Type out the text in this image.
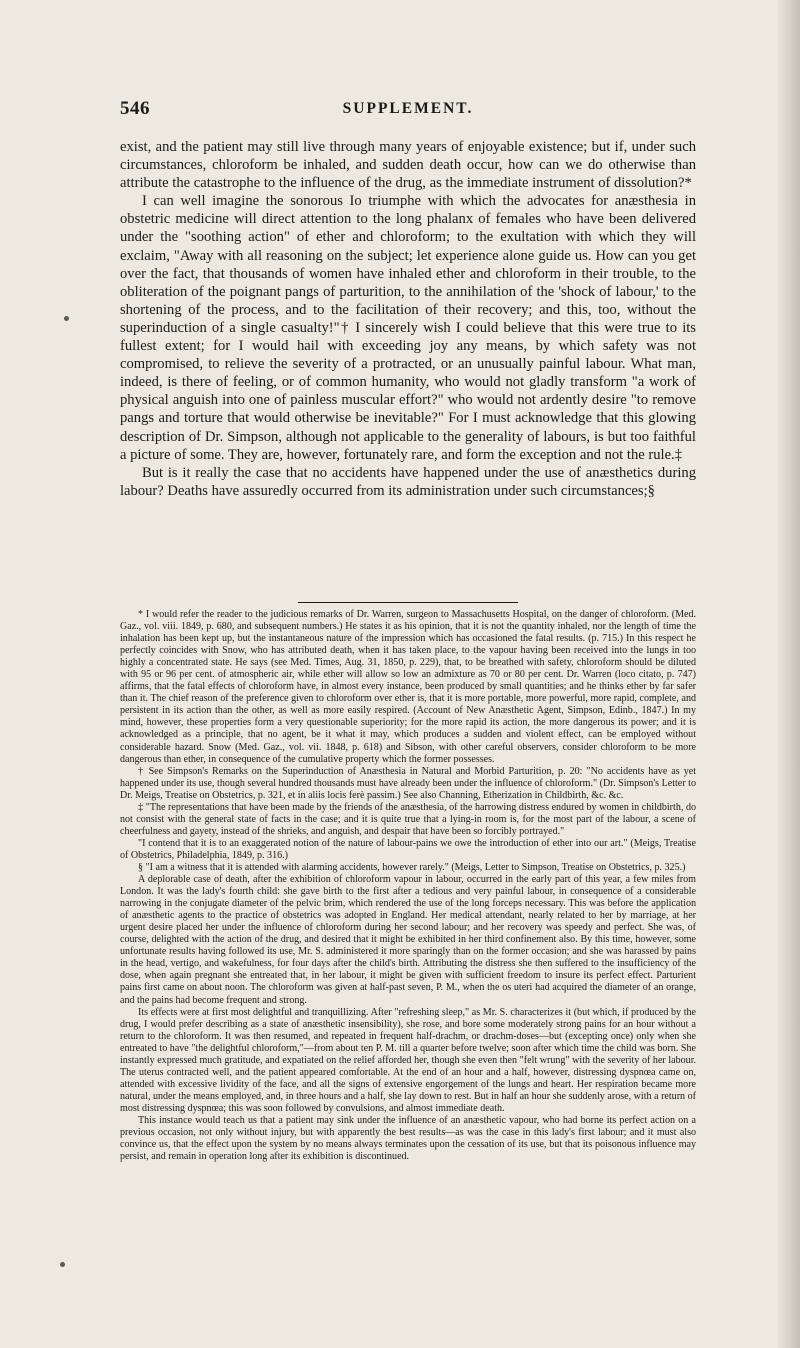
546	SUPPLEMENT.

exist, and the patient may still live through many years of enjoyable existence; but if, under such circumstances, chloroform be inhaled, and sudden death occur, how can we do otherwise than attribute the catastrophe to the influence of the drug, as the immediate instrument of dissolution?*

I can well imagine the sonorous Io triumphe with which the advocates for anæsthesia in obstetric medicine will direct attention to the long phalanx of females who have been delivered under the "soothing action" of ether and chloroform; to the exultation with which they will exclaim, "Away with all reasoning on the subject; let experience alone guide us. How can you get over the fact, that thousands of women have inhaled ether and chloroform in their trouble, to the obliteration of the poignant pangs of parturition, to the annihilation of the 'shock of labour,' to the shortening of the process, and to the facilitation of their recovery; and this, too, without the superinduction of a single casualty!"† I sincerely wish I could believe that this were true to its fullest extent; for I would hail with exceeding joy any means, by which safety was not compromised, to relieve the severity of a protracted, or an unusually painful labour. What man, indeed, is there of feeling, or of common humanity, who would not gladly transform "a work of physical anguish into one of painless muscular effort?" who would not ardently desire "to remove pangs and torture that would otherwise be inevitable?" For I must acknowledge that this glowing description of Dr. Simpson, although not applicable to the generality of labours, is but too faithful a picture of some. They are, however, fortunately rare, and form the exception and not the rule.‡

But is it really the case that no accidents have happened under the use of anæsthetics during labour? Deaths have assuredly occurred from its administration under such circumstances;§

* I would refer the reader to the judicious remarks of Dr. Warren, surgeon to Massachusetts Hospital, on the danger of chloroform. (Med. Gaz., vol. viii. 1849, p. 680, and subsequent numbers.) He states it as his opinion, that it is not the quantity inhaled, nor the length of time the inhalation has been kept up, but the instantaneous nature of the impression which has occasioned the fatal results. (p. 715.) In this respect he perfectly coincides with Snow, who has attributed death, when it has taken place, to the vapour having been received into the lungs in too highly a concentrated state. He says (see Med. Times, Aug. 31, 1850, p. 229), that, to be breathed with safety, chloroform should be diluted with 95 or 96 per cent. of atmospheric air, while ether will allow so low an admixture as 70 or 80 per cent. Dr. Warren (loco citato, p. 747) affirms, that the fatal effects of chloroform have, in almost every instance, been produced by small quantities; and he thinks ether by far safer than it. The chief reason of the preference given to chloroform over ether is, that it is more portable, more powerful, more rapid, complete, and persistent in its action than the other, as well as more easily respired. (Account of New Anæsthetic Agent, Simpson, Edinb., 1847.) In my mind, however, these properties form a very questionable superiority; for the more rapid its action, the more dangerous its power; and it is acknowledged as a principle, that no agent, be it what it may, which produces a sudden and violent effect, can be employed without considerable hazard. Snow (Med. Gaz., vol. vii. 1848, p. 618) and Sibson, with other careful observers, consider chloroform to be more dangerous than ether, in consequence of the cumulative property which the former possesses.

† See Simpson's Remarks on the Superinduction of Anæsthesia in Natural and Morbid Parturition, p. 20: "No accidents have as yet happened under its use, though several hundred thousands must have already been under the influence of chloroform." (Dr. Simpson's Letter to Dr. Meigs, Treatise on Obstetrics, p. 321, et in aliis locis ferè passim.) See also Channing, Etherization in Childbirth, &c. &c.

‡ "The representations that have been made by the friends of the anæsthesia, of the harrowing distress endured by women in childbirth, do not consist with the general state of facts in the case; and it is quite true that a lying-in room is, for the most part of the labour, a scene of cheerfulness and gayety, instead of the shrieks, and anguish, and despair that have been so forcibly portrayed."

"I contend that it is to an exaggerated notion of the nature of labour-pains we owe the introduction of ether into our art." (Meigs, Treatise of Obstetrics, Philadelphia, 1849, p. 316.)

§ "I am a witness that it is attended with alarming accidents, however rarely." (Meigs, Letter to Simpson, Treatise on Obstetrics, p. 325.)

A deplorable case of death, after the exhibition of chloroform vapour in labour, occurred in the early part of this year, a few miles from London. It was the lady's fourth child: she gave birth to the first after a tedious and very painful labour, in consequence of a considerable narrowing in the conjugate diameter of the pelvic brim, which rendered the use of the long forceps necessary. This was before the application of anæsthetic agents to the practice of obstetrics was adopted in England. Her medical attendant, nearly related to her by marriage, at her urgent desire placed her under the influence of chloroform during her second labour; and her recovery was speedy and perfect. She was, of course, delighted with the action of the drug, and desired that it might be exhibited in her third confinement also. By this time, however, some unfortunate results having followed its use, Mr. S. administered it more sparingly than on the former occasion; and she was harassed by pains in the head, vertigo, and wakefulness, for four days after the child's birth. Attributing the distress she then suffered to the insufficiency of the dose, when again pregnant she entreated that, in her labour, it might be given with sufficient freedom to insure its perfect effect. Parturient pains first came on about noon. The chloroform was given at half-past seven, P. M., when the os uteri had acquired the diameter of an orange, and the pains had become frequent and strong.

Its effects were at first most delightful and tranquillizing. After "refreshing sleep," as Mr. S. characterizes it (but which, if produced by the drug, I would prefer describing as a state of anæsthetic insensibility), she rose, and bore some moderately strong pains for an hour without a return to the chloroform. It was then resumed, and repeated in frequent half-drachm, or drachm-doses—but (excepting once) only when she entreated to have "the delightful chloroform,"—from about ten P. M. till a quarter before twelve; soon after which time the child was born. She instantly expressed much gratitude, and expatiated on the relief afforded her, though she even then "felt wrung" with the severity of her labour. The uterus contracted well, and the patient appeared comfortable. At the end of an hour and a half, however, distressing dyspnœa came on, attended with excessive lividity of the face, and all the signs of extensive engorgement of the lungs and heart. Her respiration became more natural, under the means employed, and, in three hours and a half, she lay down to rest. But in half an hour she suddenly arose, with a return of most distressing dyspnœa; this was soon followed by convulsions, and almost immediate death.

This instance would teach us that a patient may sink under the influence of an anæsthetic vapour, who had borne its perfect action on a previous occasion, not only without injury, but with apparently the best results—as was the case in this lady's first labour; and it must also convince us, that the effect upon the system by no means always terminates upon the cessation of its use, but that its poisonous influence may persist, and remain in operation long after its exhibition is discontinued.
